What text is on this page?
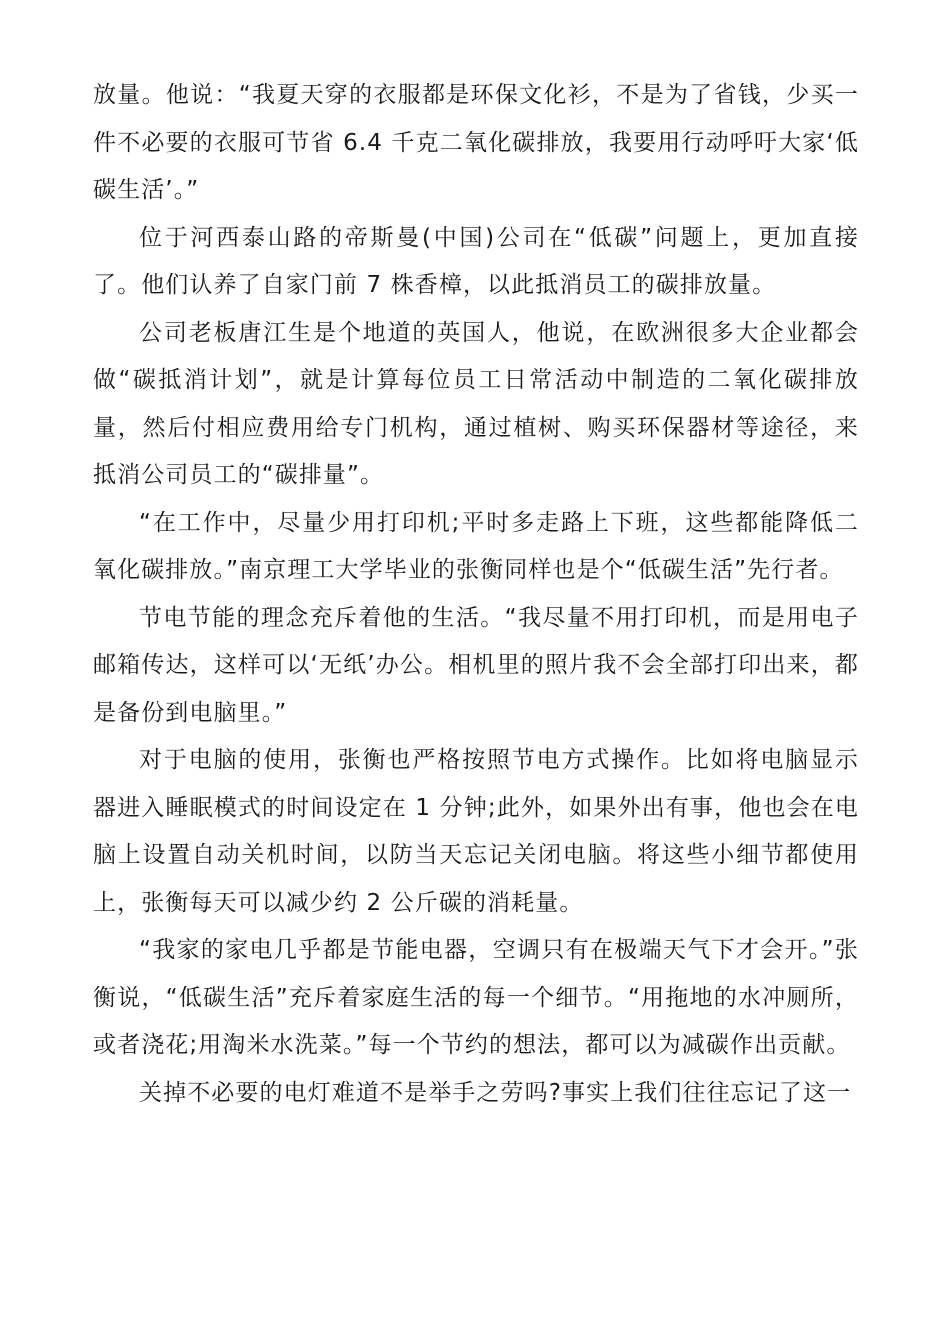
放量。他说：“我夏天穿的衣服都是环保文化衫，不是为了省钱，少买一件不必要的衣服可节省 6.4 千克二氧化碳排放，我要用行动呼吁大家‘低碳生活’。”

位于河西泰山路的帝斯曼(中国)公司在“低碳”问题上，更加直接了。他们认养了自家门前 7 株香樟，以此抵消员工的碳排放量。

公司老板唐江生是个地道的英国人，他说，在欧洲很多大企业都会做“碳抵消计划”，就是计算每位员工日常活动中制造的二氧化碳排放量，然后付相应费用给专门机构，通过植树、购买环保器材等途径，来抵消公司员工的“碳排量”。

“在工作中，尽量少用打印机;平时多走路上下班，这些都能降低二氧化碳排放。”南京理工大学毕业的张衡同样也是个“低碳生活”先行者。

节电节能的理念充斥着他的生活。“我尽量不用打印机，而是用电子邮箱传达，这样可以‘无纸’办公。相机里的照片我不会全部打印出来，都是备份到电脑里。”

对于电脑的使用，张衡也严格按照节电方式操作。比如将电脑显示器进入睡眠模式的时间设定在 1 分钟;此外，如果外出有事，他也会在电脑上设置自动关机时间，以防当天忘记关闭电脑。将这些小细节都使用上，张衡每天可以减少约 2 公斤碳的消耗量。

“我家的家电几乎都是节能电器，空调只有在极端天气下才会开。”张衡说，“低碳生活”充斥着家庭生活的每一个细节。“用拖地的水冲厕所，或者浇花;用淘米水洗菜。”每一个节约的想法，都可以为减碳作出贡献。

关掉不必要的电灯难道不是举手之劳吗?事实上我们往往忘记了这一
